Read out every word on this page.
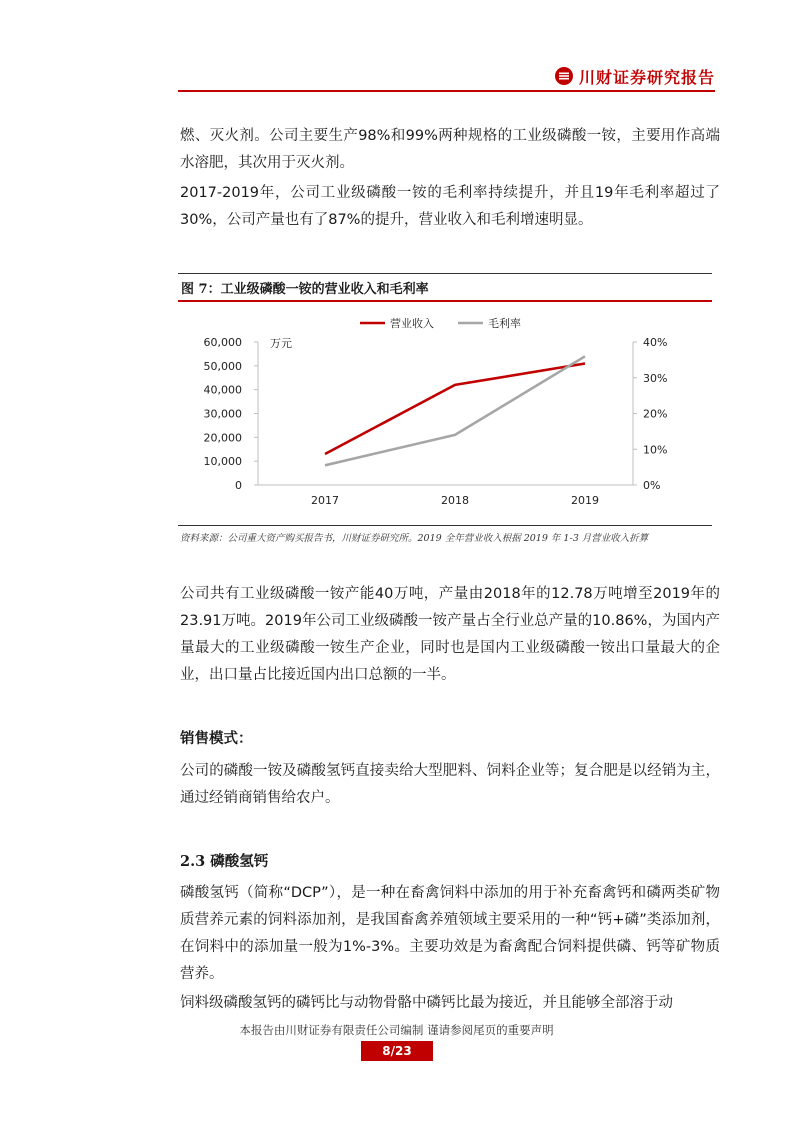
川财证券研究报告

燃、灭火剂。公司主要生产98%和99%两种规格的工业级磷酸一铵，主要用作高端水溶肥，其次用于灭火剂。

2017-2019年，公司工业级磷酸一铵的毛利率持续提升，并且19年毛利率超过了30%，公司产量也有了87%的提升，营业收入和毛利增速明显。

图 7：工业级磷酸一铵的营业收入和毛利率
0
10,000
20,000
30,000
40,000
50,000
60,000	万元
0%
10%
20%
30%
40%
2017	2018	2019
营业收入	毛利率
资料来源：公司重大资产购买报告书，川财证券研究所。2019 全年营业收入根据 2019 年 1-3 月营业收入折算

公司共有工业级磷酸一铵产能40万吨，产量由2018年的12.78万吨增至2019年的23.91万吨。2019年公司工业级磷酸一铵产量占全行业总产量的10.86%，为国内产量最大的工业级磷酸一铵生产企业，同时也是国内工业级磷酸一铵出口量最大的企业，出口量占比接近国内出口总额的一半。

销售模式：

公司的磷酸一铵及磷酸氢钙直接卖给大型肥料、饲料企业等；复合肥是以经销为主，通过经销商销售给农户。

2.3 磷酸氢钙

磷酸氢钙（简称“DCP”），是一种在畜禽饲料中添加的用于补充畜禽钙和磷两类矿物质营养元素的饲料添加剂，是我国畜禽养殖领域主要采用的一种“钙+磷”类添加剂，在饲料中的添加量一般为1%-3%。主要功效是为畜禽配合饲料提供磷、钙等矿物质营养。

饲料级磷酸氢钙的磷钙比与动物骨骼中磷钙比最为接近，并且能够全部溶于动

本报告由川财证券有限责任公司编制 谨请参阅尾页的重要声明
8/23
